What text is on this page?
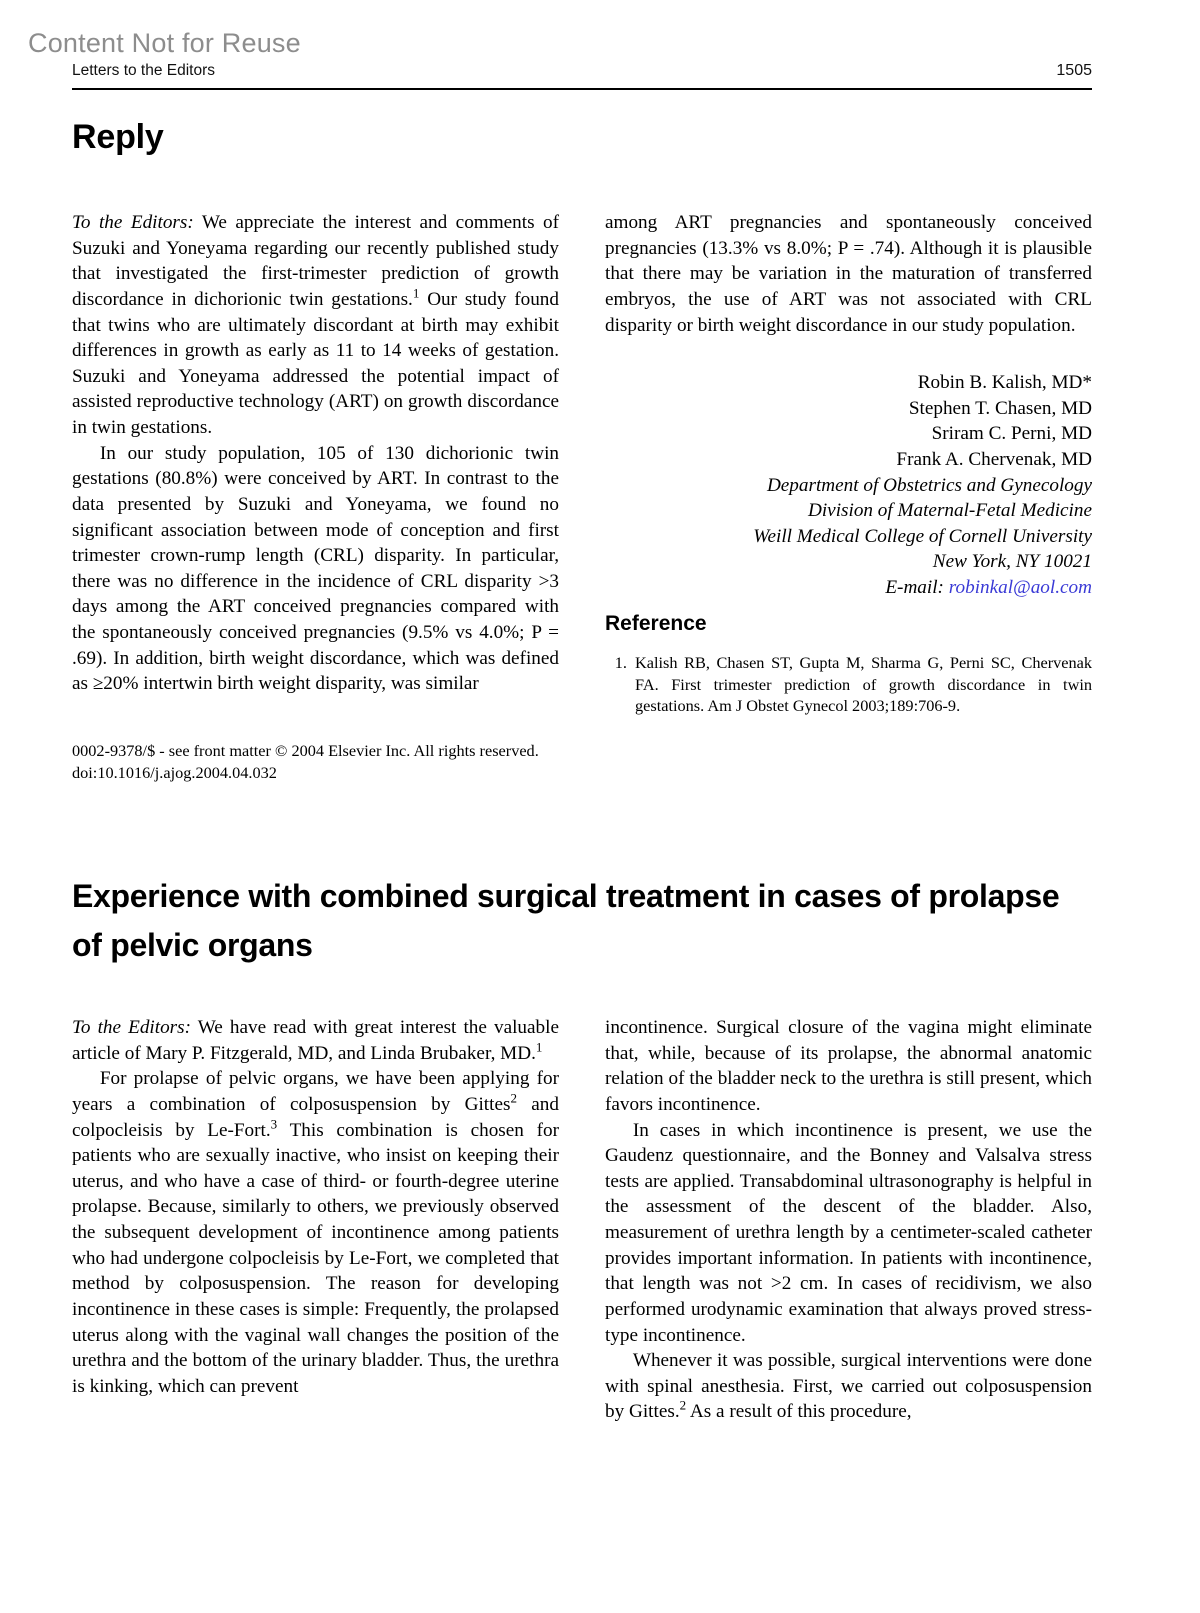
Content Not for Reuse
Letters to the Editors	1505
Reply

To the Editors: We appreciate the interest and comments of Suzuki and Yoneyama regarding our recently published study that investigated the first-trimester prediction of growth discordance in dichorionic twin gestations.$^1$ Our study found that twins who are ultimately discordant at birth may exhibit differences in growth as early as 11 to 14 weeks of gestation. Suzuki and Yoneyama addressed the potential impact of assisted reproductive technology (ART) on growth discordance in twin gestations.

In our study population, 105 of 130 dichorionic twin gestations (80.8%) were conceived by ART. In contrast to the data presented by Suzuki and Yoneyama, we found no significant association between mode of conception and first trimester crown-rump length (CRL) disparity. In particular, there was no difference in the incidence of CRL disparity >3 days among the ART conceived pregnancies compared with the spontaneously conceived pregnancies (9.5% vs 4.0%; P = .69). In addition, birth weight discordance, which was defined as ≥20% intertwin birth weight disparity, was similar

among ART pregnancies and spontaneously conceived pregnancies (13.3% vs 8.0%; P = .74). Although it is plausible that there may be variation in the maturation of transferred embryos, the use of ART was not associated with CRL disparity or birth weight discordance in our study population.

Robin B. Kalish, MD*
Stephen T. Chasen, MD
Sriram C. Perni, MD
Frank A. Chervenak, MD
Department of Obstetrics and Gynecology
Division of Maternal-Fetal Medicine
Weill Medical College of Cornell University
New York, NY 10021
E-mail: robinkal@aol.com
Reference
1. Kalish RB, Chasen ST, Gupta M, Sharma G, Perni SC, Chervenak FA. First trimester prediction of growth discordance in twin gestations. Am J Obstet Gynecol 2003;189:706-9.
0002-9378/$ - see front matter © 2004 Elsevier Inc. All rights reserved.
doi:10.1016/j.ajog.2004.04.032
Experience with combined surgical treatment in cases of prolapse of pelvic organs

To the Editors: We have read with great interest the valuable article of Mary P. Fitzgerald, MD, and Linda Brubaker, MD.$^1$

For prolapse of pelvic organs, we have been applying for years a combination of colposuspension by Gittes$^2$ and colpocleisis by Le-Fort.$^3$ This combination is chosen for patients who are sexually inactive, who insist on keeping their uterus, and who have a case of third- or fourth-degree uterine prolapse. Because, similarly to others, we previously observed the subsequent development of incontinence among patients who had undergone colpocleisis by Le-Fort, we completed that method by colposuspension. The reason for developing incontinence in these cases is simple: Frequently, the prolapsed uterus along with the vaginal wall changes the position of the urethra and the bottom of the urinary bladder. Thus, the urethra is kinking, which can prevent

incontinence. Surgical closure of the vagina might eliminate that, while, because of its prolapse, the abnormal anatomic relation of the bladder neck to the urethra is still present, which favors incontinence.

In cases in which incontinence is present, we use the Gaudenz questionnaire, and the Bonney and Valsalva stress tests are applied. Transabdominal ultrasonography is helpful in the assessment of the descent of the bladder. Also, measurement of urethra length by a centimeter-scaled catheter provides important information. In patients with incontinence, that length was not >2 cm. In cases of recidivism, we also performed urodynamic examination that always proved stress-type incontinence.

Whenever it was possible, surgical interventions were done with spinal anesthesia. First, we carried out colposuspension by Gittes.$^2$ As a result of this procedure,
